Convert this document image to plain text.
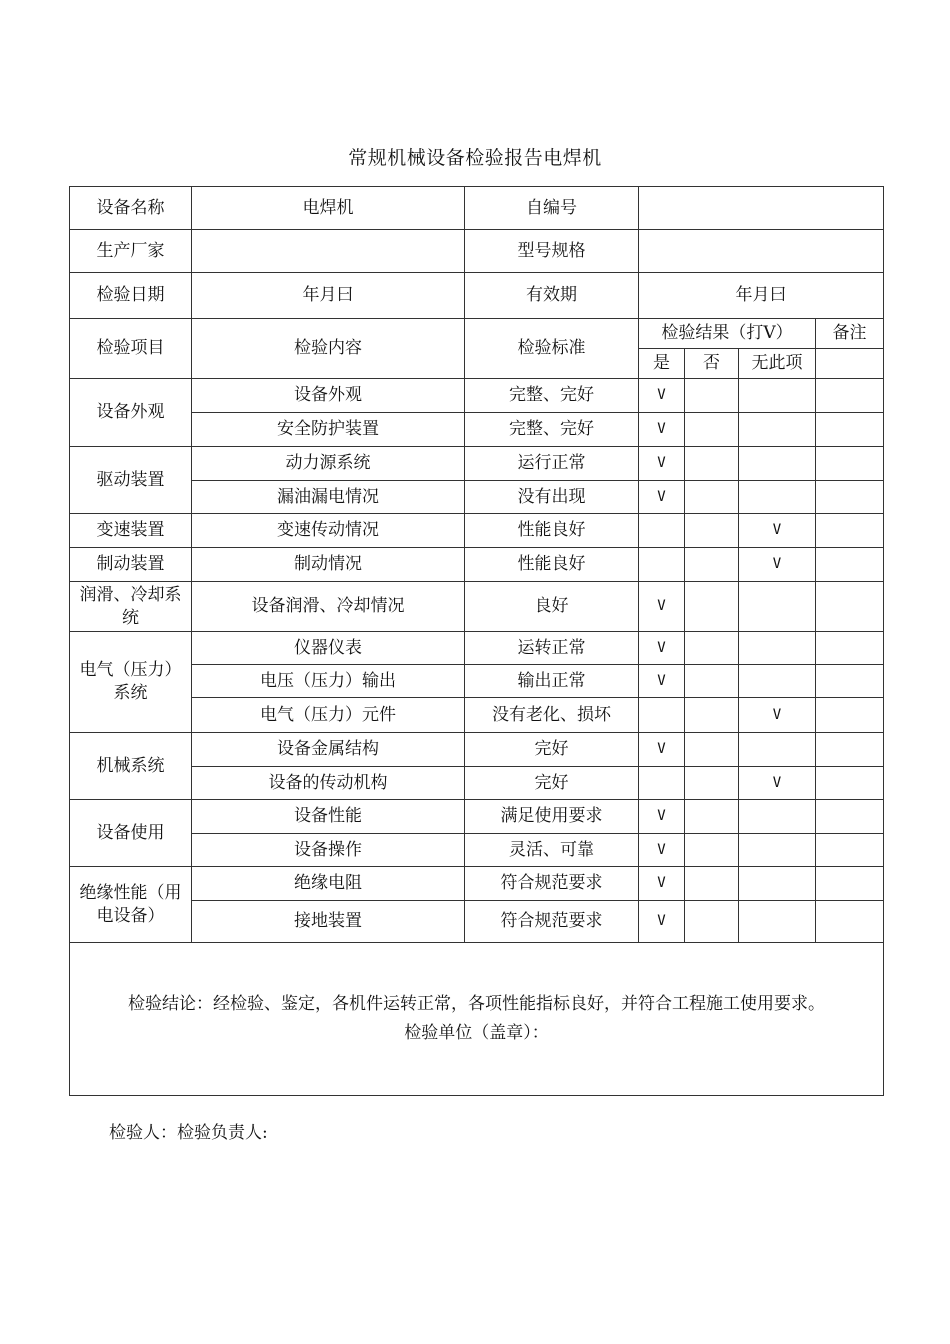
常规机械设备检验报告电焊机
设备名称	电焊机	自编号				
生产厂家		型号规格				
检验日期	年月曰	有效期	年月曰			
检验项目	检验内容	检验标准	检验结果（打V）			备注
			是	否	无此项	
设备外观	设备外观	完整、完好	V			
	安全防护装置	完整、完好	V			
驱动装置	动力源系统	运行正常	V			
	漏油漏电情况	没有出现	V			
变速装置	变速传动情况	性能良好			V	
制动装置	制动情况	性能良好			V	
润滑、冷却系统	设备润滑、冷却情况	良好	V			
电气（压力）系统	仪器仪表	运转正常	V			
	电压（压力）输出	输出正常	V			
	电气（压力）元件	没有老化、损坏			V	
机械系统	设备金属结构	完好	V			
	设备的传动机构	完好			V	
设备使用	设备性能	满足使用要求	V			
	设备操作	灵活、可靠	V			
绝缘性能（用电设备）	绝缘电阻	符合规范要求	V			
	接地装置	符合规范要求	V			

检验结论：经检验、鉴定，各机件运转正常，各项性能指标良好，并符合工程施工使用要求。
检验单位（盖章）：						
检验人：检验负责人:
